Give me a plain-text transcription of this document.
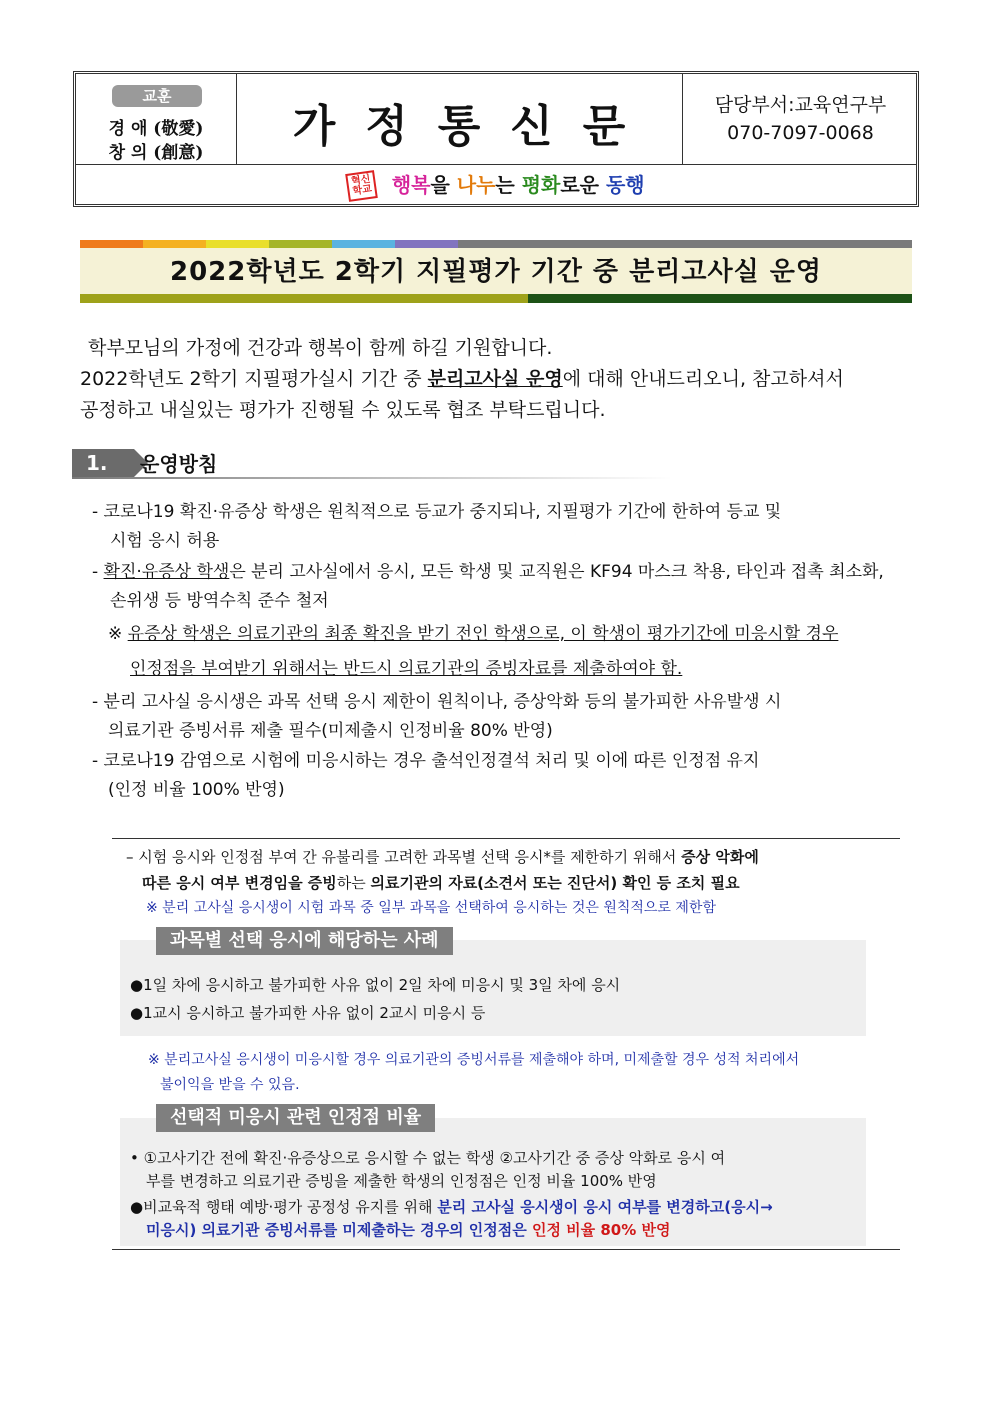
교훈
경 애 (敬愛)
창 의 (創意)
가정통신문	담당부서:교육연구부
070-7097-0068
혁신
학교 행복을 나누는 평화로운 동행
2022학년도 2학기 지필평가 기간 중 분리고사실 운영
학부모님의 가정에 건강과 행복이 함께 하길 기원합니다.
2022학년도 2학기 지필평가실시 기간 중 분리고사실 운영에 대해 안내드리오니, 참고하셔서
공정하고 내실있는 평가가 진행될 수 있도록 협조 부탁드립니다.
1.	운영방침
- 코로나19 확진·유증상 학생은 원칙적으로 등교가 중지되나, 지필평가 기간에 한하여 등교 및
시험 응시 허용
- 확진·유증상 학생은 분리 고사실에서 응시, 모든 학생 및 교직원은 KF94 마스크 착용, 타인과 접촉 최소화,
손위생 등 방역수칙 준수 철저
※ 유증상 학생은 의료기관의 최종 확진을 받기 전인 학생으로, 이 학생이 평가기간에 미응시할 경우
인정점을 부여받기 위해서는 반드시 의료기관의 증빙자료를 제출하여야 함.
- 분리 고사실 응시생은 과목 선택 응시 제한이 원칙이나, 증상악화 등의 불가피한 사유발생 시
의료기관 증빙서류 제출 필수(미제출시 인정비율 80% 반영)
- 코로나19 감염으로 시험에 미응시하는 경우 출석인정결석 처리 및 이에 따른 인정점 유지
(인정 비율 100% 반영)
– 시험 응시와 인정점 부여 간 유불리를 고려한 과목별 선택 응시*를 제한하기 위해서 증상 악화에
따른 응시 여부 변경임을 증빙하는 의료기관의 자료(소견서 또는 진단서) 확인 등 조치 필요
※ 분리 고사실 응시생이 시험 과목 중 일부 과목을 선택하여 응시하는 것은 원칙적으로 제한함
과목별 선택 응시에 해당하는 사례
●1일 차에 응시하고 불가피한 사유 없이 2일 차에 미응시 및 3일 차에 응시
●1교시 응시하고 불가피한 사유 없이 2교시 미응시 등
※ 분리고사실 응시생이 미응시할 경우 의료기관의 증빙서류를 제출해야 하며, 미제출할 경우 성적 처리에서
불이익을 받을 수 있음.
선택적 미응시 관련 인정점 비율
• ①고사기간 전에 확진·유증상으로 응시할 수 없는 학생 ②고사기간 중 증상 악화로 응시 여
부를 변경하고 의료기관 증빙을 제출한 학생의 인정점은 인정 비율 100% 반영
●비교육적 행태 예방·평가 공정성 유지를 위해 분리 고사실 응시생이 응시 여부를 변경하고(응시→
미응시) 의료기관 증빙서류를 미제출하는 경우의 인정점은 인정 비율 80% 반영
